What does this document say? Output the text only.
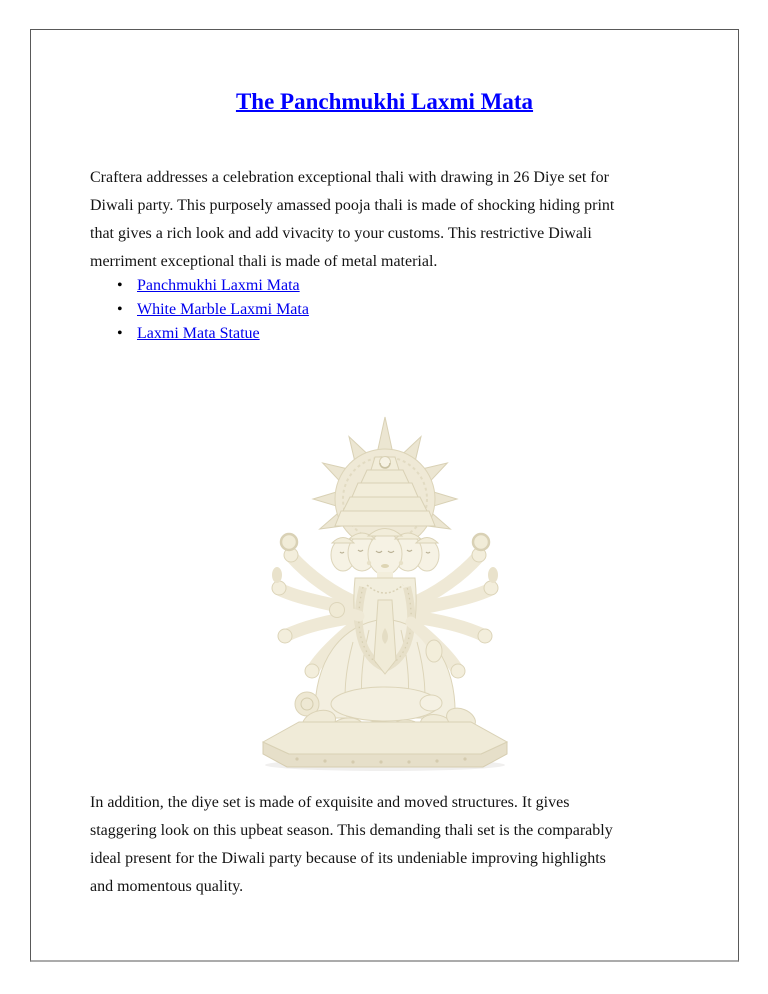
The Panchmukhi Laxmi Mata
Craftera addresses a celebration exceptional thali with drawing in 26 Diye set for
Diwali party. This purposely amassed pooja thali is made of shocking hiding print
that gives a rich look and add vivacity to your customs. This restrictive Diwali
merriment exceptional thali is made of metal material.
• Panchmukhi Laxmi Mata
• White Marble Laxmi Mata
• Laxmi Mata Statue
In addition, the diye set is made of exquisite and moved structures. It gives
staggering look on this upbeat season. This demanding thali set is the comparably
ideal present for the Diwali party because of its undeniable improving highlights
and momentous quality.
